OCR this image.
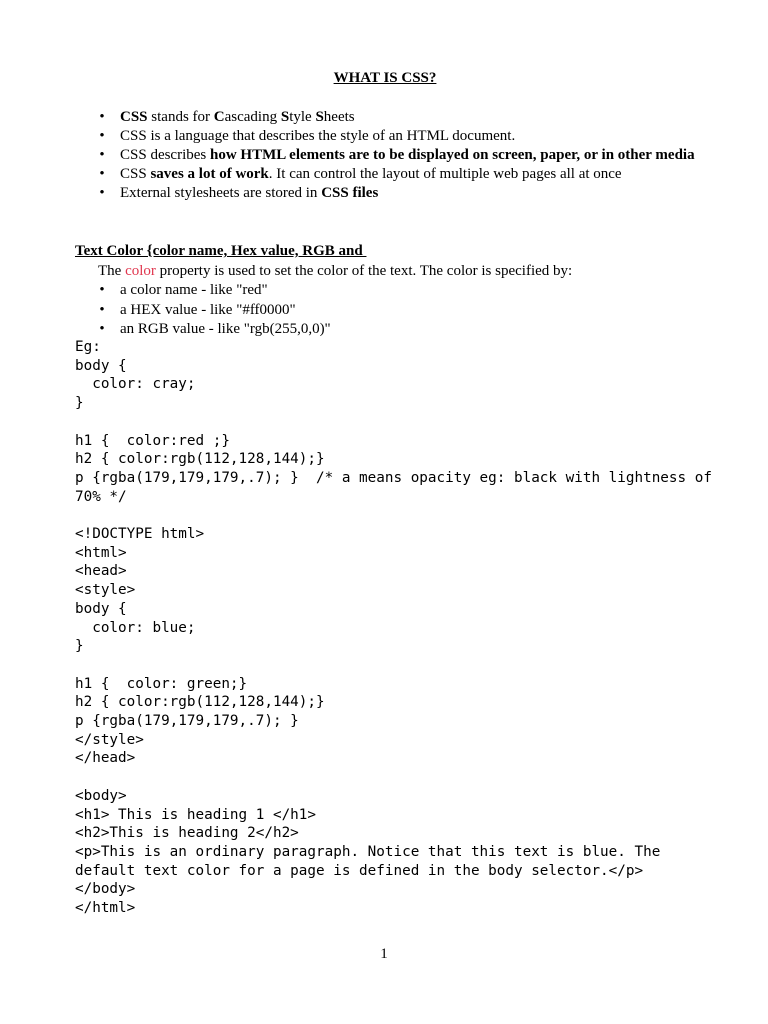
WHAT IS CSS?
• CSS stands for Cascading Style Sheets
• CSS is a language that describes the style of an HTML document.
• CSS describes how HTML elements are to be displayed on screen, paper, or in other media
• CSS saves a lot of work. It can control the layout of multiple web pages all at once
• External stylesheets are stored in CSS files
Text Color {color name, Hex value, RGB and
The color property is used to set the color of the text. The color is specified by:
• a color name - like "red"
• a HEX value - like "#ff0000"
• an RGB value - like "rgb(255,0,0)"
Eg:
body {
color: cray;
}

h1 {  color:red ;}
h2 { color:rgb(112,128,144);}
p {rgba(179,179,179,.7); }  /* a means opacity eg: black with lightness of 70% */

<!DOCTYPE html>
<html>
<head>
<style>
body {
color: blue;
}

h1 {  color: green;}
h2 { color:rgb(112,128,144);}
p {rgba(179,179,179,.7); }
</style>
</head>

<body>
<h1> This is heading 1 </h1>
<h2>This is heading 2</h2>
<p>This is an ordinary paragraph. Notice that this text is blue. The default text color for a page is defined in the body selector.</p>
</body>
</html>
1
